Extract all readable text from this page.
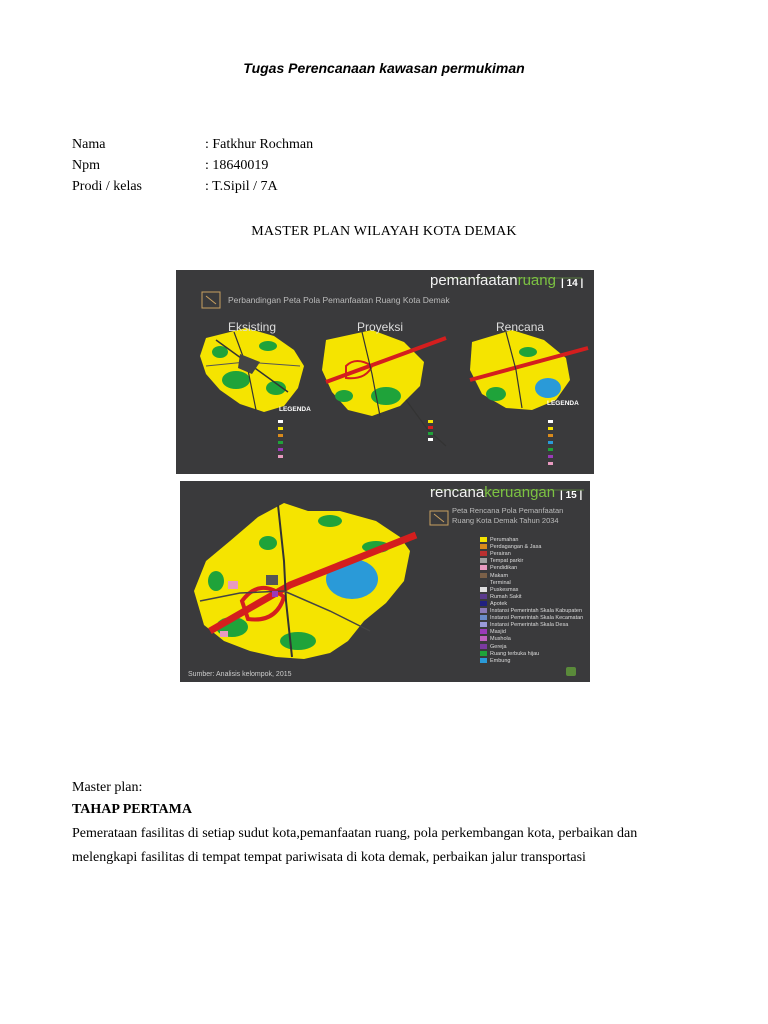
Tugas Perencanaan kawasan permukiman
Nama	: Fatkhur Rochman
Npm	: 18640019
Prodi / kelas	: T.Sipil / 7A
MASTER PLAN WILAYAH KOTA DEMAK
pemanfaatanruang | 14 |
Perbandingan Peta Pola Pemanfaatan Ruang Kota Demak
Eksisting	Proyeksi	Rencana
LEGENDA
LEGENDA
rencanakeruangan | 15 |
Peta Rencana Pola Pemanfaatan
Ruang Kota Demak Tahun 2034
Perumahan
Perdagangan & Jasa
Perairan
Tempat parkir
Pendidikan
Makam
Terminal
Puskesmas
Rumah Sakit
Apotek
Instansi Pemerintah Skala Kabupaten
Instansi Pemerintah Skala Kecamatan
Instansi Pemerintah Skala Desa
Masjid
Mushola
Gereja
Ruang terbuka hijau
Embung
Sumber: Analisis kelompok, 2015
Master plan:
TAHAP PERTAMA
Pemerataan fasilitas di setiap sudut kota,pemanfaatan ruang, pola perkembangan kota, perbaikan dan
melengkapi fasilitas di tempat tempat pariwisata di kota demak, perbaikan jalur transportasi
